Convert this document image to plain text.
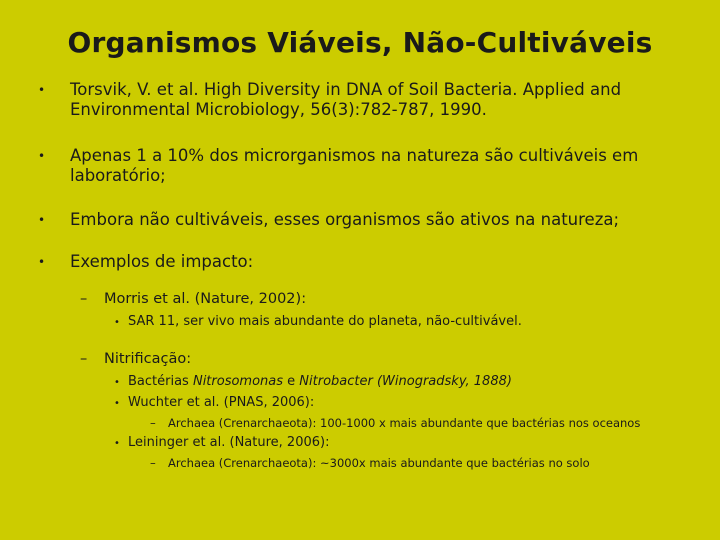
Organismos Viáveis, Não-Cultiváveis
• Torsvik, V. et al. High Diversity in DNA of Soil Bacteria. Applied and Environmental Microbiology, 56(3):782-787, 1990.
• Apenas 1 a 10% dos microrganismos na natureza são cultiváveis em laboratório;
• Embora não cultiváveis, esses organismos são ativos na natureza;
• Exemplos de impacto:
– Morris et al. (Nature, 2002):
• SAR 11, ser vivo mais abundante do planeta, não-cultivável.
– Nitrificação:
• Bactérias Nitrosomonas e Nitrobacter (Winogradsky, 1888)
• Wuchter et al. (PNAS, 2006):
– Archaea (Crenarchaeota): 100-1000 x mais abundante que bactérias nos oceanos
• Leininger et al. (Nature, 2006):
– Archaea (Crenarchaeota): ~3000x mais abundante que bactérias no solo
